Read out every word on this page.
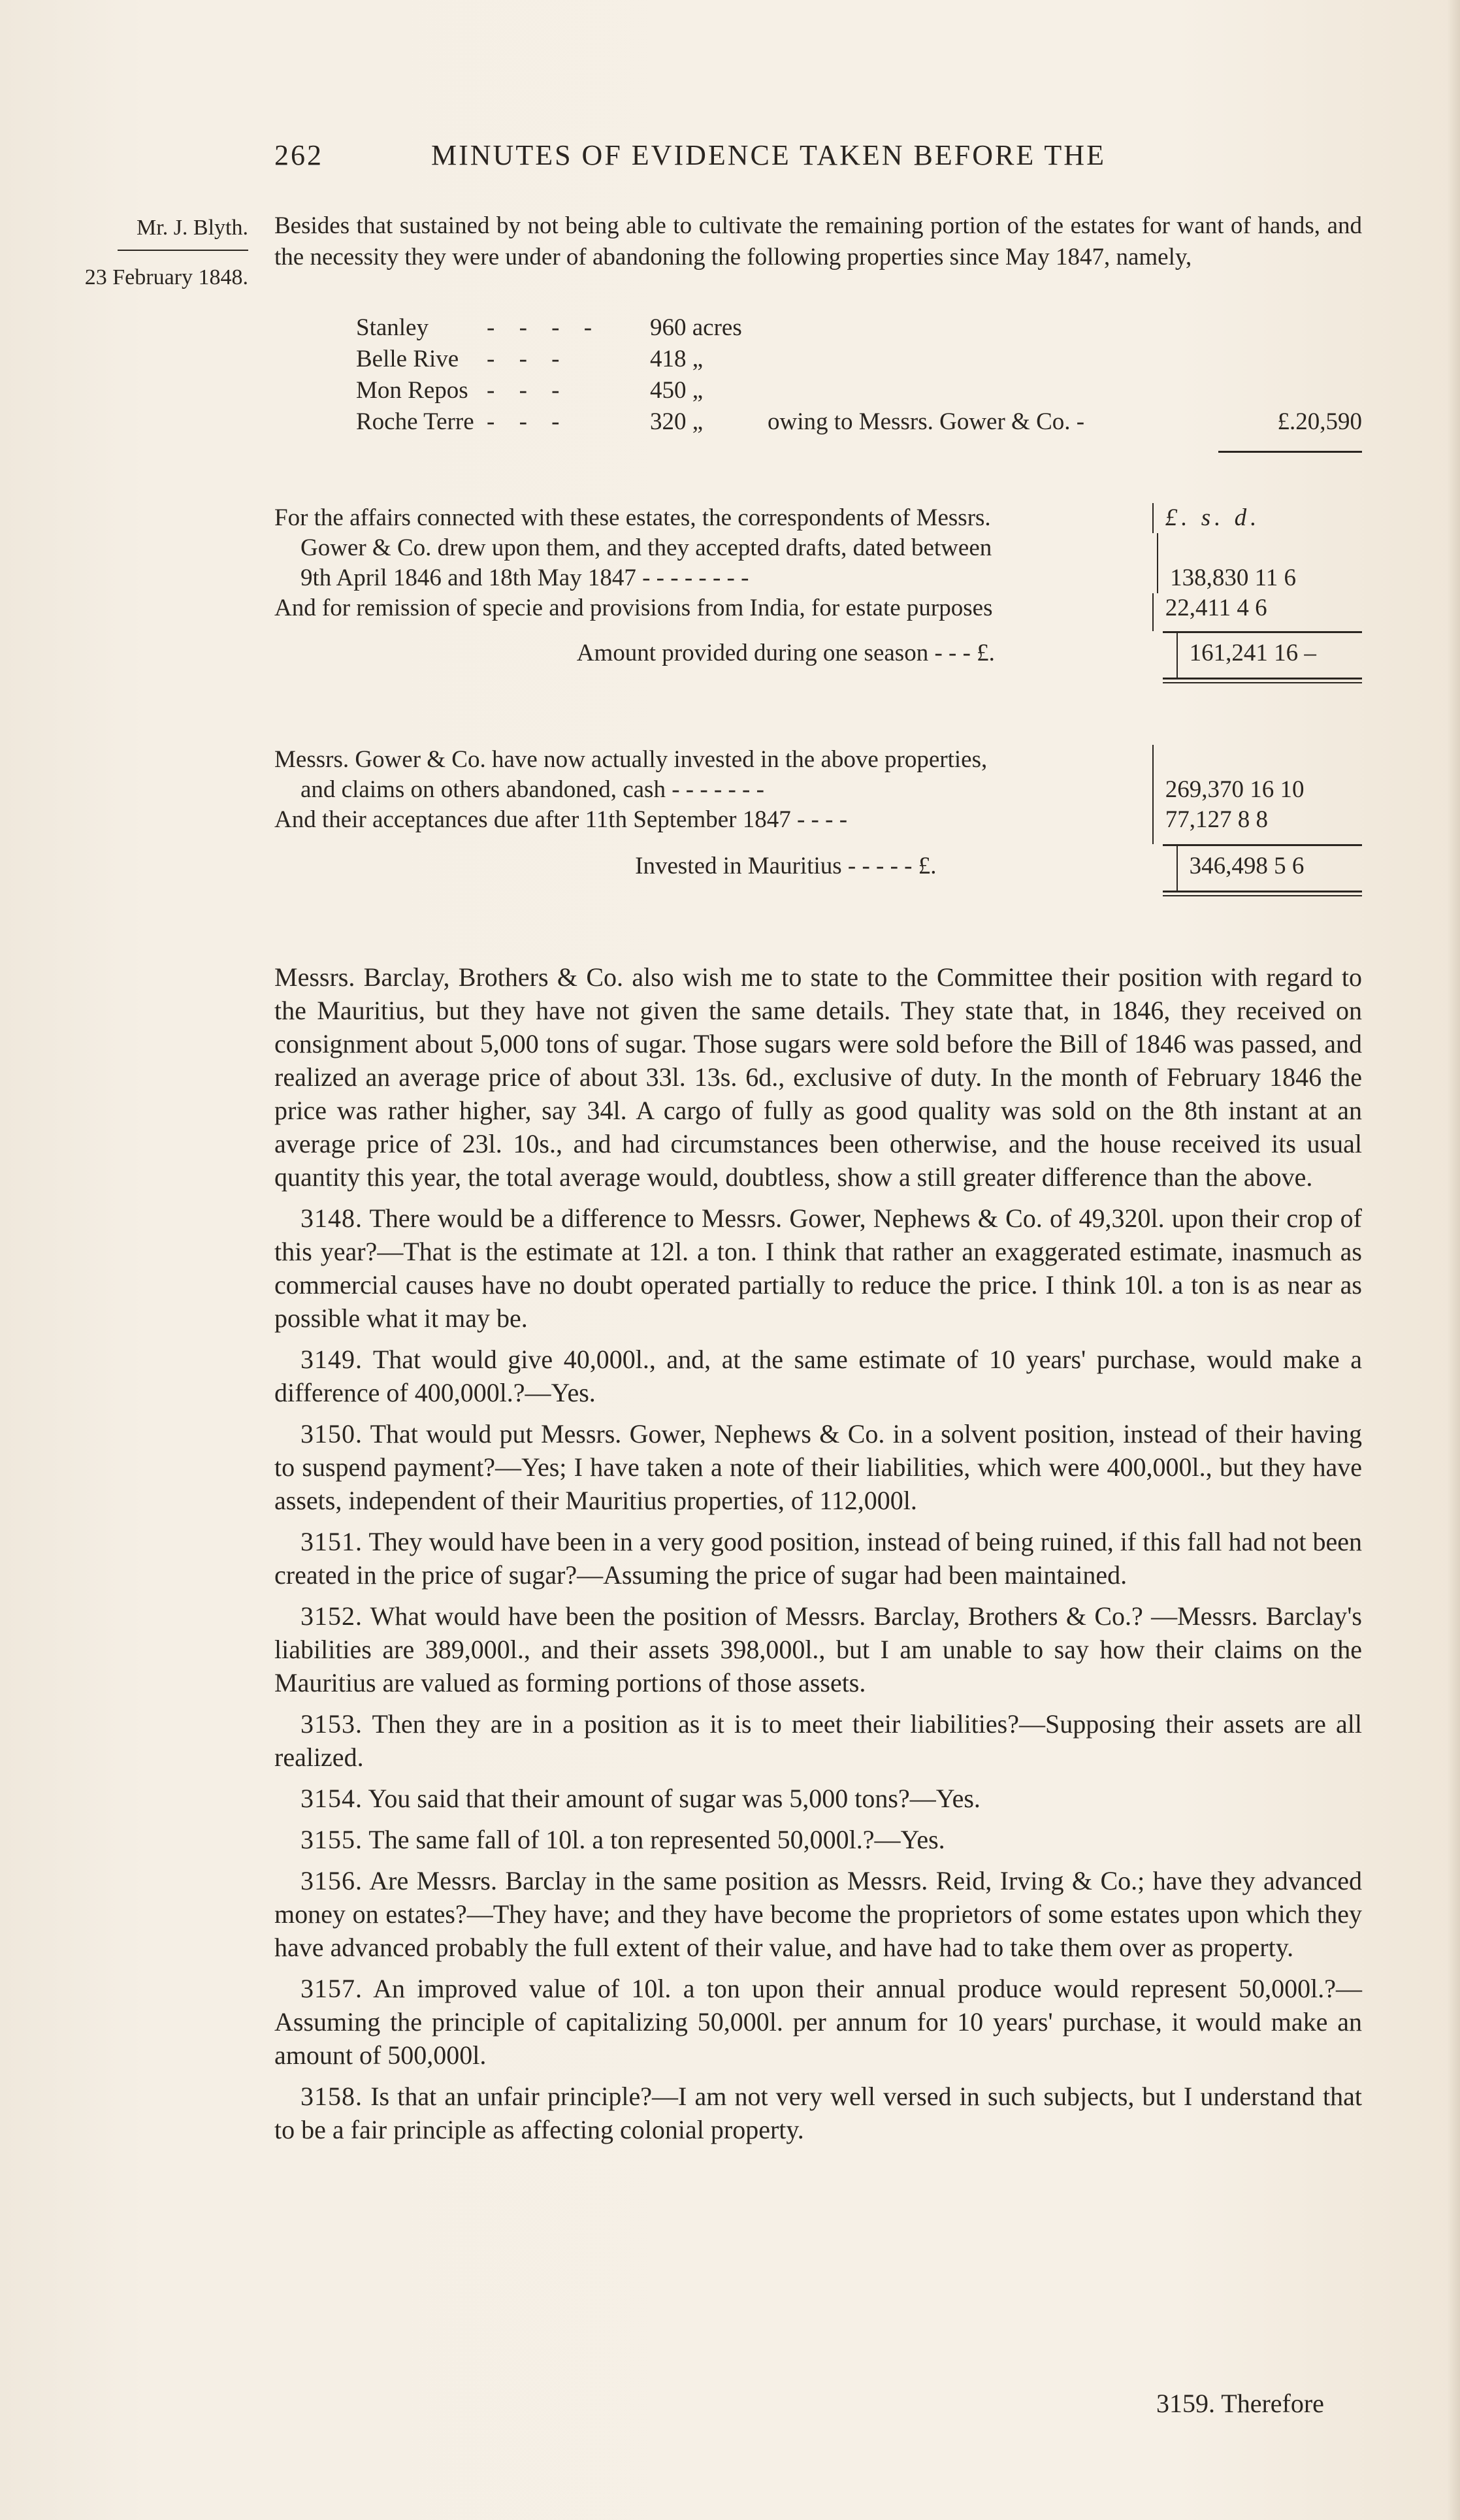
262	MINUTES OF EVIDENCE TAKEN BEFORE THE
Mr. J. Blyth.
23 February 1848.
Besides that sustained by not being able to cultivate the remaining portion of the estates for want of hands, and the necessity they were under of abandoning the following properties since May 1847, namely,
Stanley	- - - -	960 acres
Belle Rive	- - -	418 „
Mon Repos - - -	450 „
Roche Terre - - -	320 „	owing to Messrs. Gower & Co. -	£.20,590
For the affairs connected with these estates, the correspondents of Messrs.	£. s. d.
Gower & Co. drew upon them, and they accepted drafts, dated between
9th April 1846 and 18th May 1847 - - - - - - - -	138,830 11 6
And for remission of specie and provisions from India, for estate purposes	22,411 4 6
Amount provided during one season - - - £.	161,241 16 –
Messrs. Gower & Co. have now actually invested in the above properties,
and claims on others abandoned, cash - - - - - - -	269,370 16 10
And their acceptances due after 11th September 1847 - - - -	77,127 8 8
Invested in Mauritius - - - - - £.	346,498 5 6

Messrs. Barclay, Brothers & Co. also wish me to state to the Committee their position with regard to the Mauritius, but they have not given the same details. They state that, in 1846, they received on consignment about 5,000 tons of sugar. Those sugars were sold before the Bill of 1846 was passed, and realized an average price of about 33l. 13s. 6d., exclusive of duty. In the month of February 1846 the price was rather higher, say 34l. A cargo of fully as good quality was sold on the 8th instant at an average price of 23l. 10s., and had circumstances been otherwise, and the house received its usual quantity this year, the total average would, doubtless, show a still greater difference than the above.

3148. There would be a difference to Messrs. Gower, Nephews & Co. of 49,320l. upon their crop of this year?—That is the estimate at 12l. a ton. I think that rather an exaggerated estimate, inasmuch as commercial causes have no doubt operated partially to reduce the price. I think 10l. a ton is as near as possible what it may be.

3149. That would give 40,000l., and, at the same estimate of 10 years' purchase, would make a difference of 400,000l.?—Yes.

3150. That would put Messrs. Gower, Nephews & Co. in a solvent position, instead of their having to suspend payment?—Yes; I have taken a note of their liabilities, which were 400,000l., but they have assets, independent of their Mauritius properties, of 112,000l.

3151. They would have been in a very good position, instead of being ruined, if this fall had not been created in the price of sugar?—Assuming the price of sugar had been maintained.

3152. What would have been the position of Messrs. Barclay, Brothers & Co.? —Messrs. Barclay's liabilities are 389,000l., and their assets 398,000l., but I am unable to say how their claims on the Mauritius are valued as forming portions of those assets.

3153. Then they are in a position as it is to meet their liabilities?—Supposing their assets are all realized.

3154. You said that their amount of sugar was 5,000 tons?—Yes.

3155. The same fall of 10l. a ton represented 50,000l.?—Yes.

3156. Are Messrs. Barclay in the same position as Messrs. Reid, Irving & Co.; have they advanced money on estates?—They have; and they have become the proprietors of some estates upon which they have advanced probably the full extent of their value, and have had to take them over as property.

3157. An improved value of 10l. a ton upon their annual produce would represent 50,000l.?—Assuming the principle of capitalizing 50,000l. per annum for 10 years' purchase, it would make an amount of 500,000l.

3158. Is that an unfair principle?—I am not very well versed in such subjects, but I understand that to be a fair principle as affecting colonial property.

3159. Therefore
